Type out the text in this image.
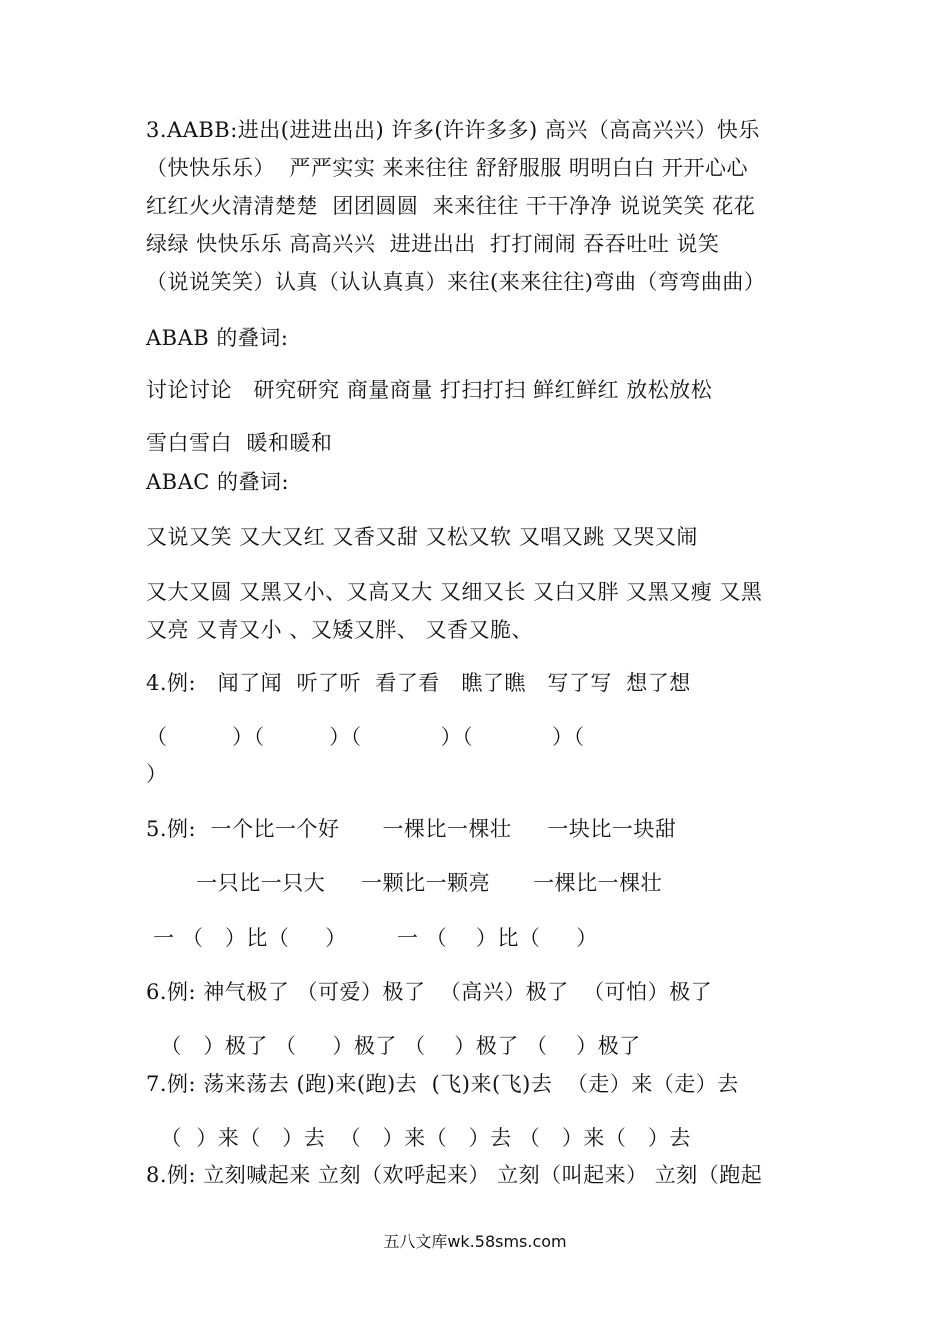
3.AABB:进出(进进出出) 许多(许许多多) 高兴（高高兴兴）快乐
（快快乐乐）  严严实实 来来往往 舒舒服服 明明白白 开开心心
红红火火清清楚楚  团团圆圆  来来往往 干干净净 说说笑笑 花花
绿绿 快快乐乐 高高兴兴  进进出出  打打闹闹 吞吞吐吐 说笑
（说说笑笑）认真（认认真真）来往(来来往往)弯曲（弯弯曲曲）
ABAB 的叠词:
讨论讨论   研究研究 商量商量 打扫打扫 鲜红鲜红 放松放松
雪白雪白  暖和暖和
ABAC 的叠词:
又说又笑 又大又红 又香又甜 又松又软 又唱又跳 又哭又闹
又大又圆 又黑又小、又高又大 又细又长 又白又胖 又黑又瘦 又黑
又亮 又青又小 、又矮又胖、 又香又脆、
4.例:   闻了闻  听了听  看了看   瞧了瞧   写了写  想了想
（         ）（         ）（           ）（           ）（
）
5.例:  一个比一个好      一棵比一棵壮     一块比一块甜
一只比一只大     一颗比一颗亮      一棵比一棵壮
一 （   ）比（     ）       一 （    ）比（     ）
6.例: 神气极了 （可爱）极了  （高兴）极了  （可怕）极了
（   ）极了 （     ）极了 （    ）极了 （    ）极了
7.例: 荡来荡去 (跑)来(跑)去  (飞)来(飞)去  （走）来（走）去
（  ）来（   ）去  （   ）来（   ）去 （   ）来（   ）去
8.例: 立刻喊起来 立刻（欢呼起来） 立刻（叫起来） 立刻（跑起
五八文库wk.58sms.com
